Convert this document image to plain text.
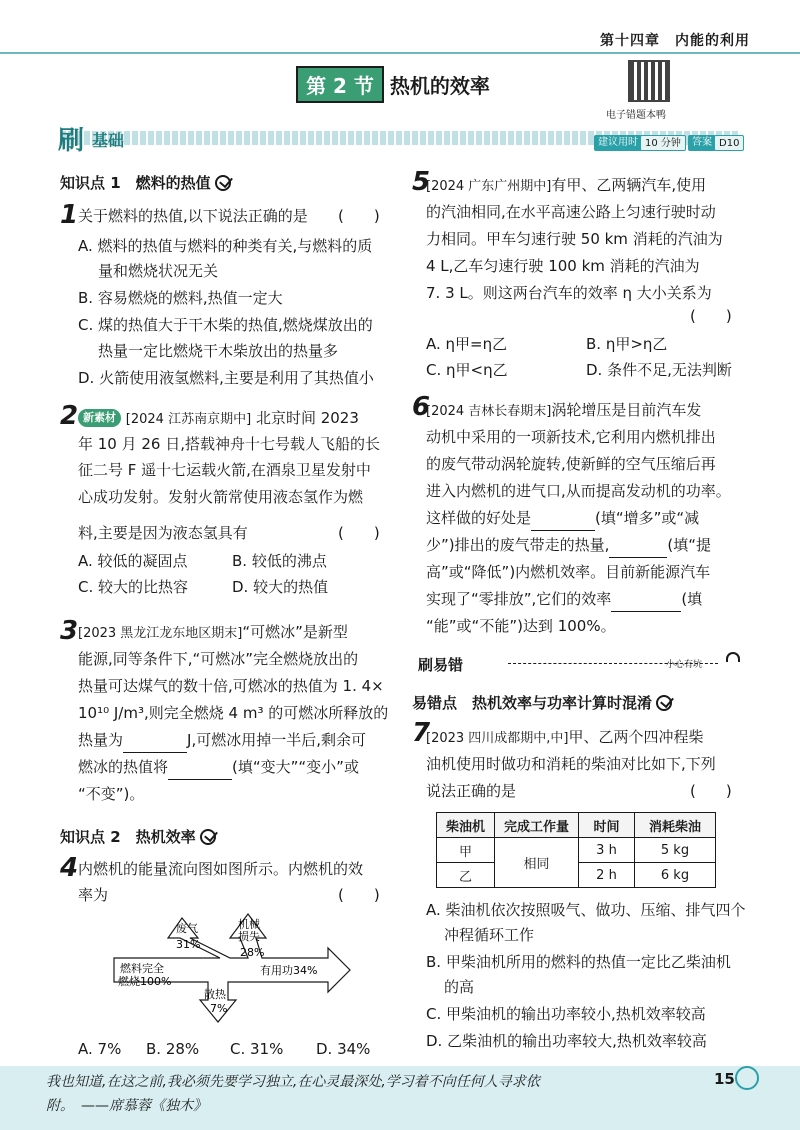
第十四章　内能的利用
第 2 节 热机的效率
电子错题本鸭
刷 基础	建议用时 10 分钟	答案 D10
知识点 1　燃料的热值
1 关于燃料的热值,以下说法正确的是 (　　)
A. 燃料的热值与燃料的种类有关,与燃料的质
量和燃烧状况无关
B. 容易燃烧的燃料,热值一定大
C. 煤的热值大于干木柴的热值,燃烧煤放出的
热量一定比燃烧干木柴放出的热量多
D. 火箭使用液氢燃料,主要是利用了其热值小
2 新素材 [2024 江苏南京期中] 北京时间 2023
年 10 月 26 日,搭载神舟十七号载人飞船的长
征二号 F 遥十七运载火箭,在酒泉卫星发射中
心成功发射。发射火箭常使用液态氢作为燃
料,主要是因为液态氢具有	(　　)
A. 较低的凝固点	B. 较低的沸点
C. 较大的比热容	D. 较大的热值
3 [2023 黑龙江龙东地区期末]“可燃冰”是新型
能源,同等条件下,“可燃冰”完全燃烧放出的
热量可达煤气的数十倍,可燃冰的热值为 1. 4×
10¹⁰ J/m³,则完全燃烧 4 m³ 的可燃冰所释放的
热量为	J,可燃冰用掉一半后,剩余可
燃冰的热值将	(填“变大”“变小”或
“不变”)。
知识点 2　热机效率
4 内燃机的能量流向图如图所示。内燃机的效
率为	(　　)
燃料完全
燃烧100%
废气
31%
机械
损失
28%
有用功34%
散热
7%
A. 7% B. 28% C. 31% D. 34%
5
[2024 广东广州期中]有甲、乙两辆汽车,使用
的汽油相同,在水平高速公路上匀速行驶时动
力相同。甲车匀速行驶 50 km 消耗的汽油为
4 L,乙车匀速行驶 100 km 消耗的汽油为
7. 3 L。则这两台汽车的效率 η 大小关系为
(　　)
A. η甲=η乙	B. η甲>η乙
C. η甲<η乙	D. 条件不足,无法判断
6
[2024 吉林长春期末]涡轮增压是目前汽车发
动机中采用的一项新技术,它利用内燃机排出
的废气带动涡轮旋转,使新鲜的空气压缩后再
进入内燃机的进气口,从而提高发动机的功率。
这样做的好处是	(填“增多”或“减
少”)排出的废气带走的热量,	(填“提
高”或“降低”)内燃机效率。目前新能源汽车
实现了“零排放”,它们的效率	(填
“能”或“不能”)达到 100%。
刷易错	小心有坑
易错点　热机效率与功率计算时混淆
7
[2023 四川成都期中,中]甲、乙两个四冲程柴
油机使用时做功和消耗的柴油对比如下,下列
说法正确的是	(　　)
柴油机	完成工作量	时间	消耗柴油
甲	相同	3 h	5 kg
乙		2 h	6 kg
A. 柴油机依次按照吸气、做功、压缩、排气四个
冲程循环工作
B. 甲柴油机所用的燃料的热值一定比乙柴油机
的高
C. 甲柴油机的输出功率较小,热机效率较高
D. 乙柴油机的输出功率较大,热机效率较高
我也知道,在这之前,我必须先要学习独立,在心灵最深处,学习着不向任何人寻求依
附。　——席慕蓉《独木》
15
